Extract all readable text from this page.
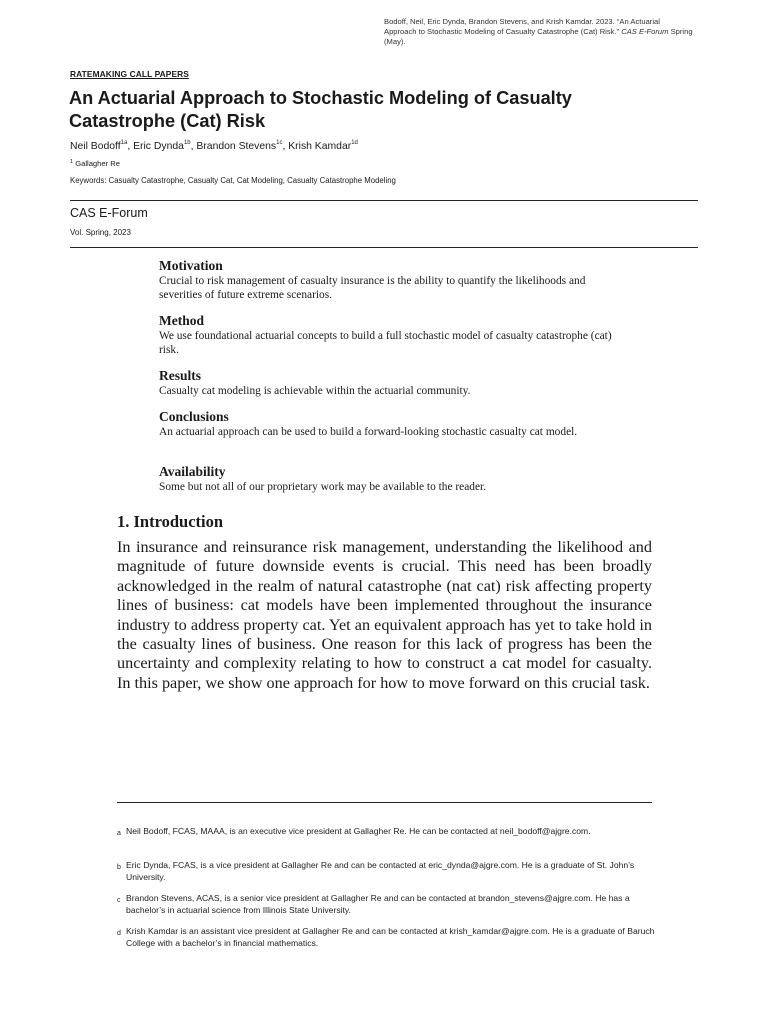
Bodoff, Neil, Eric Dynda, Brandon Stevens, and Krish Kamdar. 2023. “An Actuarial Approach to Stochastic Modeling of Casualty Catastrophe (Cat) Risk.” CAS E-Forum Spring (May).
RATEMAKING CALL PAPERS
An Actuarial Approach to Stochastic Modeling of Casualty Catastrophe (Cat) Risk
Neil Bodoff$^{1a}$, Eric Dynda$^{1b}$, Brandon Stevens$^{1c}$, Krish Kamdar$^{1d}$
$^1$ Gallagher Re
Keywords: Casualty Catastrophe, Casualty Cat, Cat Modeling, Casualty Catastrophe Modeling
CAS E-Forum
Vol. Spring, 2023
Motivation
Crucial to risk management of casualty insurance is the ability to quantify the likelihoods and severities of future extreme scenarios.
Method
We use foundational actuarial concepts to build a full stochastic model of casualty catastrophe (cat) risk.
Results
Casualty cat modeling is achievable within the actuarial community.
Conclusions
An actuarial approach can be used to build a forward-looking stochastic casualty cat model.
Availability
Some but not all of our proprietary work may be available to the reader.
1. Introduction
In insurance and reinsurance risk management, understanding the likelihood and magnitude of future downside events is crucial. This need has been broadly acknowledged in the realm of natural catastrophe (nat cat) risk affecting property lines of business: cat models have been implemented throughout the insurance industry to address property cat. Yet an equivalent approach has yet to take hold in the casualty lines of business. One reason for this lack of progress has been the uncertainty and complexity relating to how to construct a cat model for casualty. In this paper, we show one approach for how to move forward on this crucial task.
a Neil Bodoff, FCAS, MAAA, is an executive vice president at Gallagher Re. He can be contacted at neil_bodoff@ajgre.com.
b Eric Dynda, FCAS, is a vice president at Gallagher Re and can be contacted at eric_dynda@ajgre.com. He is a graduate of St. John’s University.
c Brandon Stevens, ACAS, is a senior vice president at Gallagher Re and can be contacted at brandon_stevens@ajgre.com. He has a bachelor’s in actuarial science from Illinois State University.
d Krish Kamdar is an assistant vice president at Gallagher Re and can be contacted at krish_kamdar@ajgre.com. He is a graduate of Baruch College with a bachelor’s in financial mathematics.
